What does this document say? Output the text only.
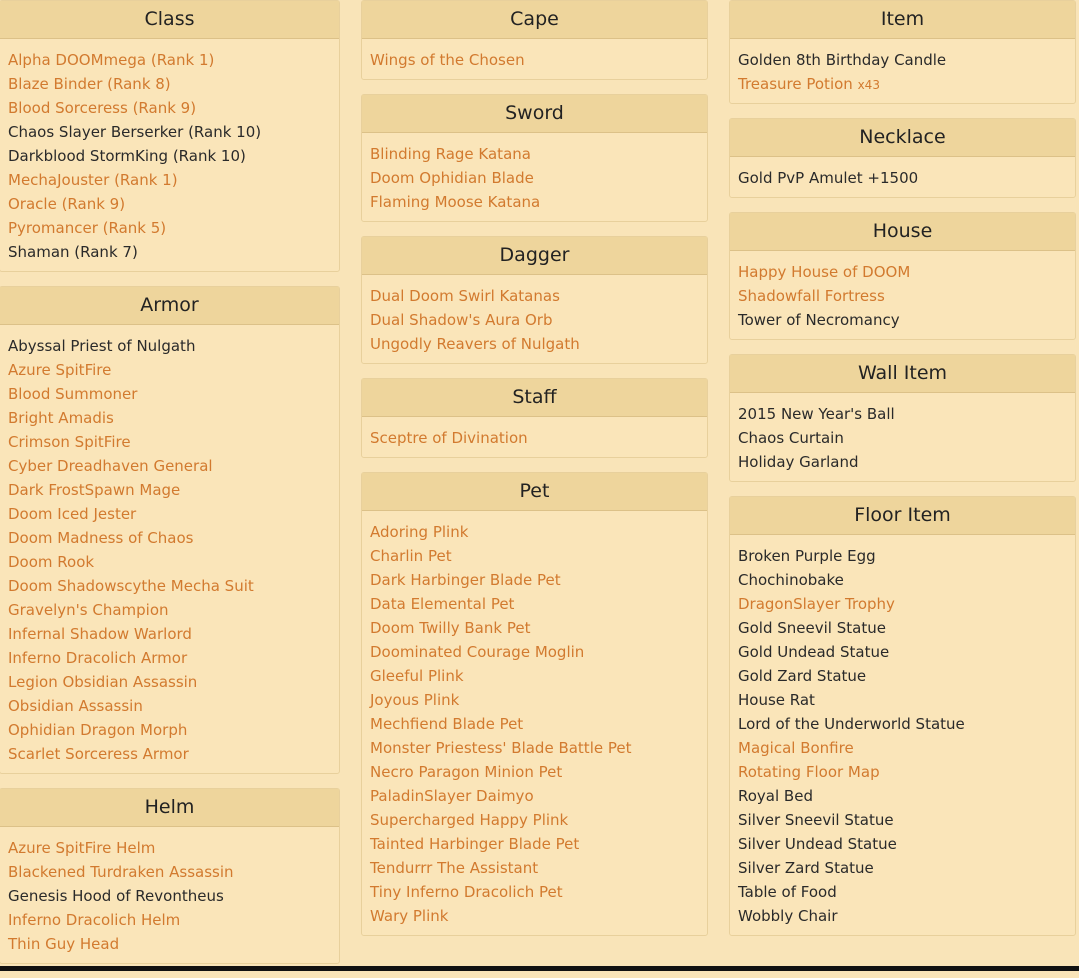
Class
Alpha DOOMmega (Rank 1)
Blaze Binder (Rank 8)
Blood Sorceress (Rank 9)
Chaos Slayer Berserker (Rank 10)
Darkblood StormKing (Rank 10)
MechaJouster (Rank 1)
Oracle (Rank 9)
Pyromancer (Rank 5)
Shaman (Rank 7)
Armor
Abyssal Priest of Nulgath
Azure SpitFire
Blood Summoner
Bright Amadis
Crimson SpitFire
Cyber Dreadhaven General
Dark FrostSpawn Mage
Doom Iced Jester
Doom Madness of Chaos
Doom Rook
Doom Shadowscythe Mecha Suit
Gravelyn's Champion
Infernal Shadow Warlord
Inferno Dracolich Armor
Legion Obsidian Assassin
Obsidian Assassin
Ophidian Dragon Morph
Scarlet Sorceress Armor
Helm
Azure SpitFire Helm
Blackened Turdraken Assassin
Genesis Hood of Revontheus
Inferno Dracolich Helm
Thin Guy Head
Cape
Wings of the Chosen
Sword
Blinding Rage Katana
Doom Ophidian Blade
Flaming Moose Katana
Dagger
Dual Doom Swirl Katanas
Dual Shadow's Aura Orb
Ungodly Reavers of Nulgath
Staff
Sceptre of Divination
Pet
Adoring Plink
Charlin Pet
Dark Harbinger Blade Pet
Data Elemental Pet
Doom Twilly Bank Pet
Doominated Courage Moglin
Gleeful Plink
Joyous Plink
Mechfiend Blade Pet
Monster Priestess' Blade Battle Pet
Necro Paragon Minion Pet
PaladinSlayer Daimyo
Supercharged Happy Plink
Tainted Harbinger Blade Pet
Tendurrr The Assistant
Tiny Inferno Dracolich Pet
Wary Plink
Item
Golden 8th Birthday Candle
Treasure Potion x43
Necklace
Gold PvP Amulet +1500
House
Happy House of DOOM
Shadowfall Fortress
Tower of Necromancy
Wall Item
2015 New Year's Ball
Chaos Curtain
Holiday Garland
Floor Item
Broken Purple Egg
Chochinobake
DragonSlayer Trophy
Gold Sneevil Statue
Gold Undead Statue
Gold Zard Statue
House Rat
Lord of the Underworld Statue
Magical Bonfire
Rotating Floor Map
Royal Bed
Silver Sneevil Statue
Silver Undead Statue
Silver Zard Statue
Table of Food
Wobbly Chair
